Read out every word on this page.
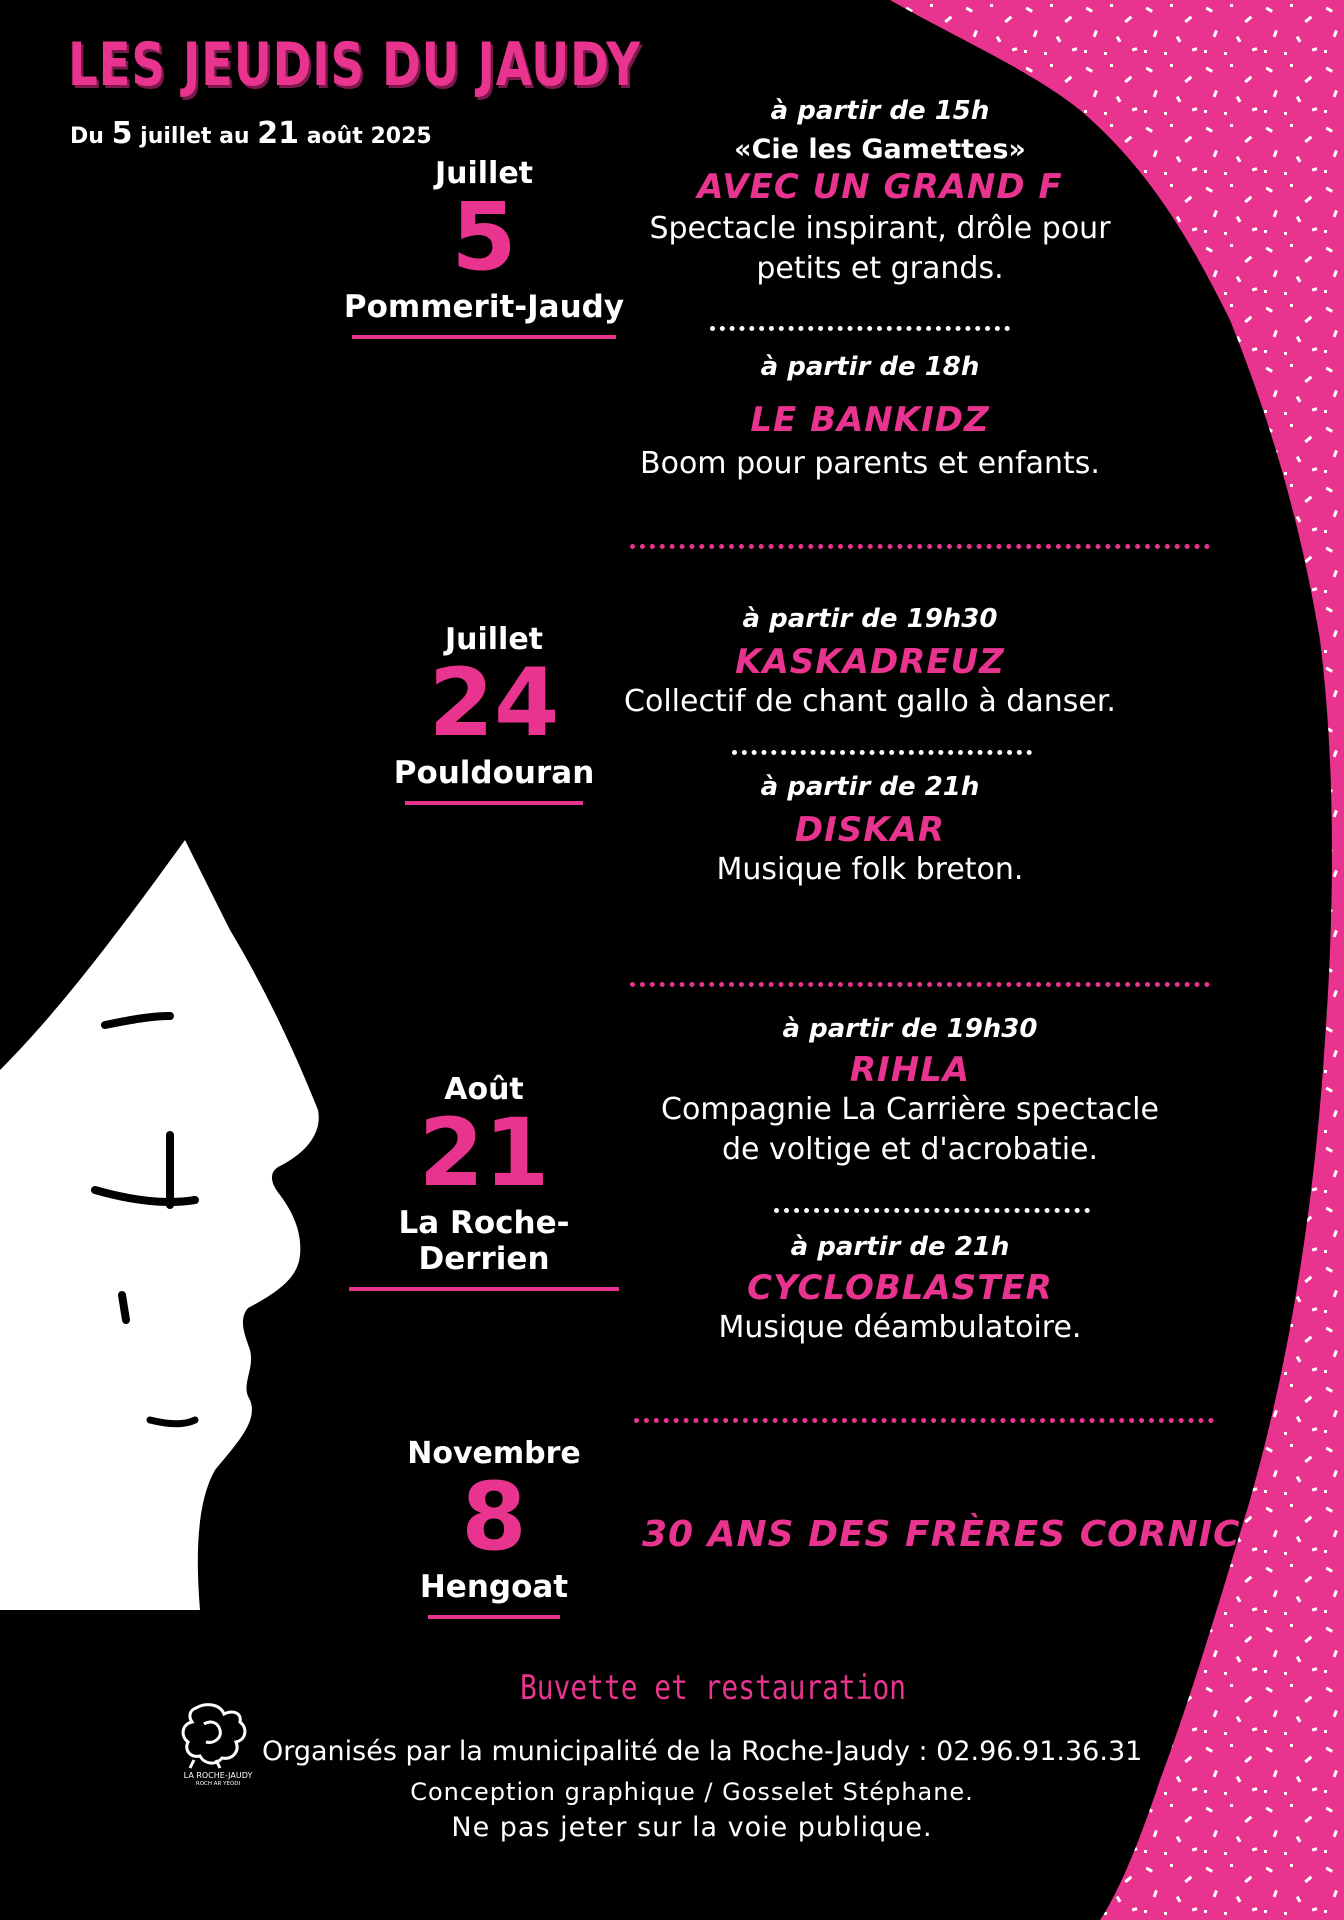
LES JEUDIS DU JAUDY
Du 5 juillet au 21 août 2025
Juillet
5
Pommerit-Jaudy
Juillet
24
Pouldouran
Août
21
La Roche-Derrien
Novembre
8
Hengoat
à partir de 15h
«Cie les Gamettes»
AVEC UN GRAND F
Spectacle inspirant, drôle pour
petits et grands.
à partir de 18h
LE BANKIDZ
Boom pour parents et enfants.
à partir de 19h30
KASKADREUZ
Collectif de chant gallo à danser.
à partir de 21h
DISKAR
Musique folk breton.
à partir de 19h30
RIHLA
Compagnie La Carrière spectacle
de voltige et d'acrobatie.
à partir de 21h
CYCLOBLASTER
Musique déambulatoire.
30 ANS DES FRÈRES CORNIC
Buvette et restauration
LA ROCHE-JAUDY
ROCH AR YEODI
Organisés par la municipalité de la Roche-Jaudy : 02.96.91.36.31
Conception graphique / Gosselet Stéphane.
Ne pas jeter sur la voie publique.
